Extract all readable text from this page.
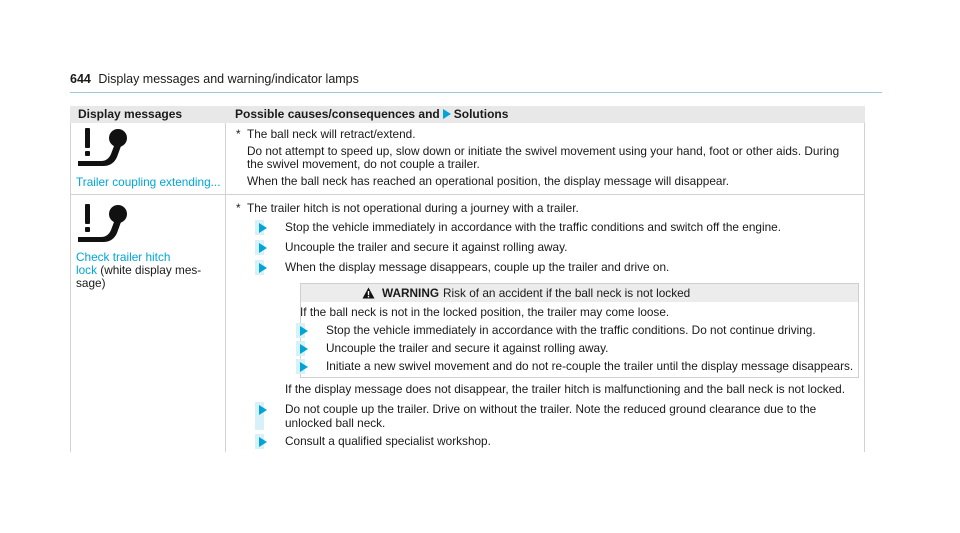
644 Display messages and warning/indicator lamps
Display messages	Possible causes/consequences and Solutions
Trailer coupling extending...
* The ball neck will retract/extend.
Do not attempt to speed up, slow down or initiate the swivel movement using your hand, foot or other aids. During
the swivel movement, do not couple a trailer.
When the ball neck has reached an operational position, the display message will disappear.
Check trailer hitch
lock (white display mes-
sage)
* The trailer hitch is not operational during a journey with a trailer.
Stop the vehicle immediately in accordance with the traffic conditions and switch off the engine.
Uncouple the trailer and secure it against rolling away.
When the display message disappears, couple up the trailer and drive on.
WARNING Risk of an accident if the ball neck is not locked
If the ball neck is not in the locked position, the trailer may come loose.
Stop the vehicle immediately in accordance with the traffic conditions. Do not continue driving.
Uncouple the trailer and secure it against rolling away.
Initiate a new swivel movement and do not re-couple the trailer until the display message disappears.
If the display message does not disappear, the trailer hitch is malfunctioning and the ball neck is not locked.
Do not couple up the trailer. Drive on without the trailer. Note the reduced ground clearance due to the
unlocked ball neck.
Consult a qualified specialist workshop.
